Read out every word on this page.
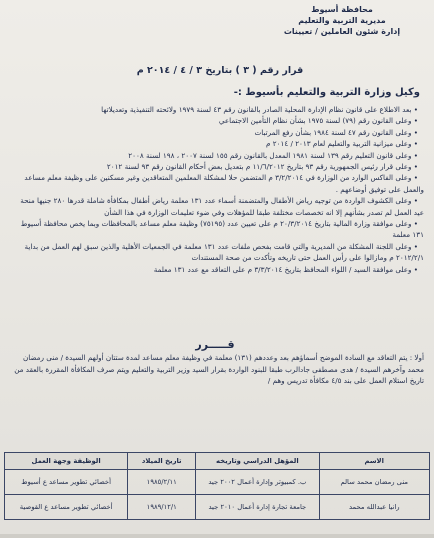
محافظة أسيوط
مديرية التربية والتعليم
إدارة شئون العاملين / تعيينات
قرار رقم ( ٣ ) بتاريخ ٣ / ٤ / ٢٠١٤ م
وكيل وزارة التربية والتعليم بأسيوط :-

• بعد الاطلاع على قانون نظام الإدارة المحلية الصادر بالقانون رقم ٤٣ لسنة ١٩٧٩ ولائحته التنفيذية وتعديلاتها

• وعلى القانون رقم (٧٩) لسنة ١٩٧٥ بشأن نظام التأمين الاجتماعي

• وعلى القانون رقم ٤٧ لسنة ١٩٨٤ بشأن رفع المرتبات

• وعلى ميزانية التربية والتعليم لعام ٢٠١٣ / ٢٠١٤ م

• وعلى قانون التعليم رقم ١٣٩ لسنة ١٩٨١ المعدل بالقانون رقم ١٥٥ لسنة ٢٠٠٧ ، ١٩٨ لسنة ٢٠٠٨

• وعلى قرار رئيس الجمهورية رقم ٩٣ بتاريخ ١١/٦/٢٠١٢ م بتعديل بعض أحكام القانون رقم ٩٣ لسنة ٢٠١٢

• وعلى الفاكس الوارد من الوزارة في ٣/٢/٢٠١٤ م المتضمن حلا لمشكلة المعلمين المتعاقدين وغير مسكنين على وظيفة معلم مساعد والعمل على توفيق أوضاعهم .

• وعلى الكشوف الواردة من توجيه رياض الأطفال والمتضمنة أسماء عدد ١٣١ معلمة رياض أطفال بمكافأة شاملة قدرها ٢٨٠ جنيها منحة عيد العمل لم تصدر بشأنهم إلا انه تخصصات مختلفة طبقا للمؤهلات وفي ضوء تعليمات الوزارة في هذا الشأن

• وعلى موافقة وزارة المالية بتاريخ ٢٠/٣/٢٠١٤ م على تعيين عدد (٧٥١٩٥) وظيفة معلم مساعد بالمحافظات وبما يخص محافظة أسيوط ١٣١ معلمة

• وعلى اللجنة المشكلة من المديرية والتي قامت بفحص ملفات عدد ١٣١ معلمة في الجمعيات الأهلية والذين سبق لهم العمل من بداية ٢٠١٢/٢/١ م ومازالوا على رأس العمل حتى تاريخه وتأكدت من صحة المستندات

• وعلى موافقة السيد / اللواء المحافظ بتاريخ ٣/٣/٢٠١٤ م على التعاقد مع عدد ١٣١ معلمة

قـــــرر
أولا : يتم التعاقد مع السادة الموضح أسماؤهم بعد وعددهم (١٣١) معلمة في وظيفة معلم مساعد لمدة ستتان أولهم السيدة / منى رمضان محمد وآخرهم السيدة / هدى مصطفى جادالرب طبقا للبنود الواردة بقرار السيد وزير التربية والتعليم ويتم صرف المكافأة المقررة بالعقد من تاريخ استلام العمل على بند ٤/٥ مكافأة تدريس وهم /
الاسم	المؤهل الدراسي وتاريخه	تاريخ الميلاد	الوظيفة وجهة العمل
منى رمضان محمد سالم	ب. كمبيوتر وإدارة أعمال ٢٠٠٢ جيد	١٩٨٥/٢/١١	أخصائي تطوير مساعد ع أسيوط
رانيا عبدالله محمد	جامعة تجارة إدارة أعمال ٢٠١٠ جيد	١٩٨٩/١٢/١	أخصائي تطوير مساعد ع القوصية
